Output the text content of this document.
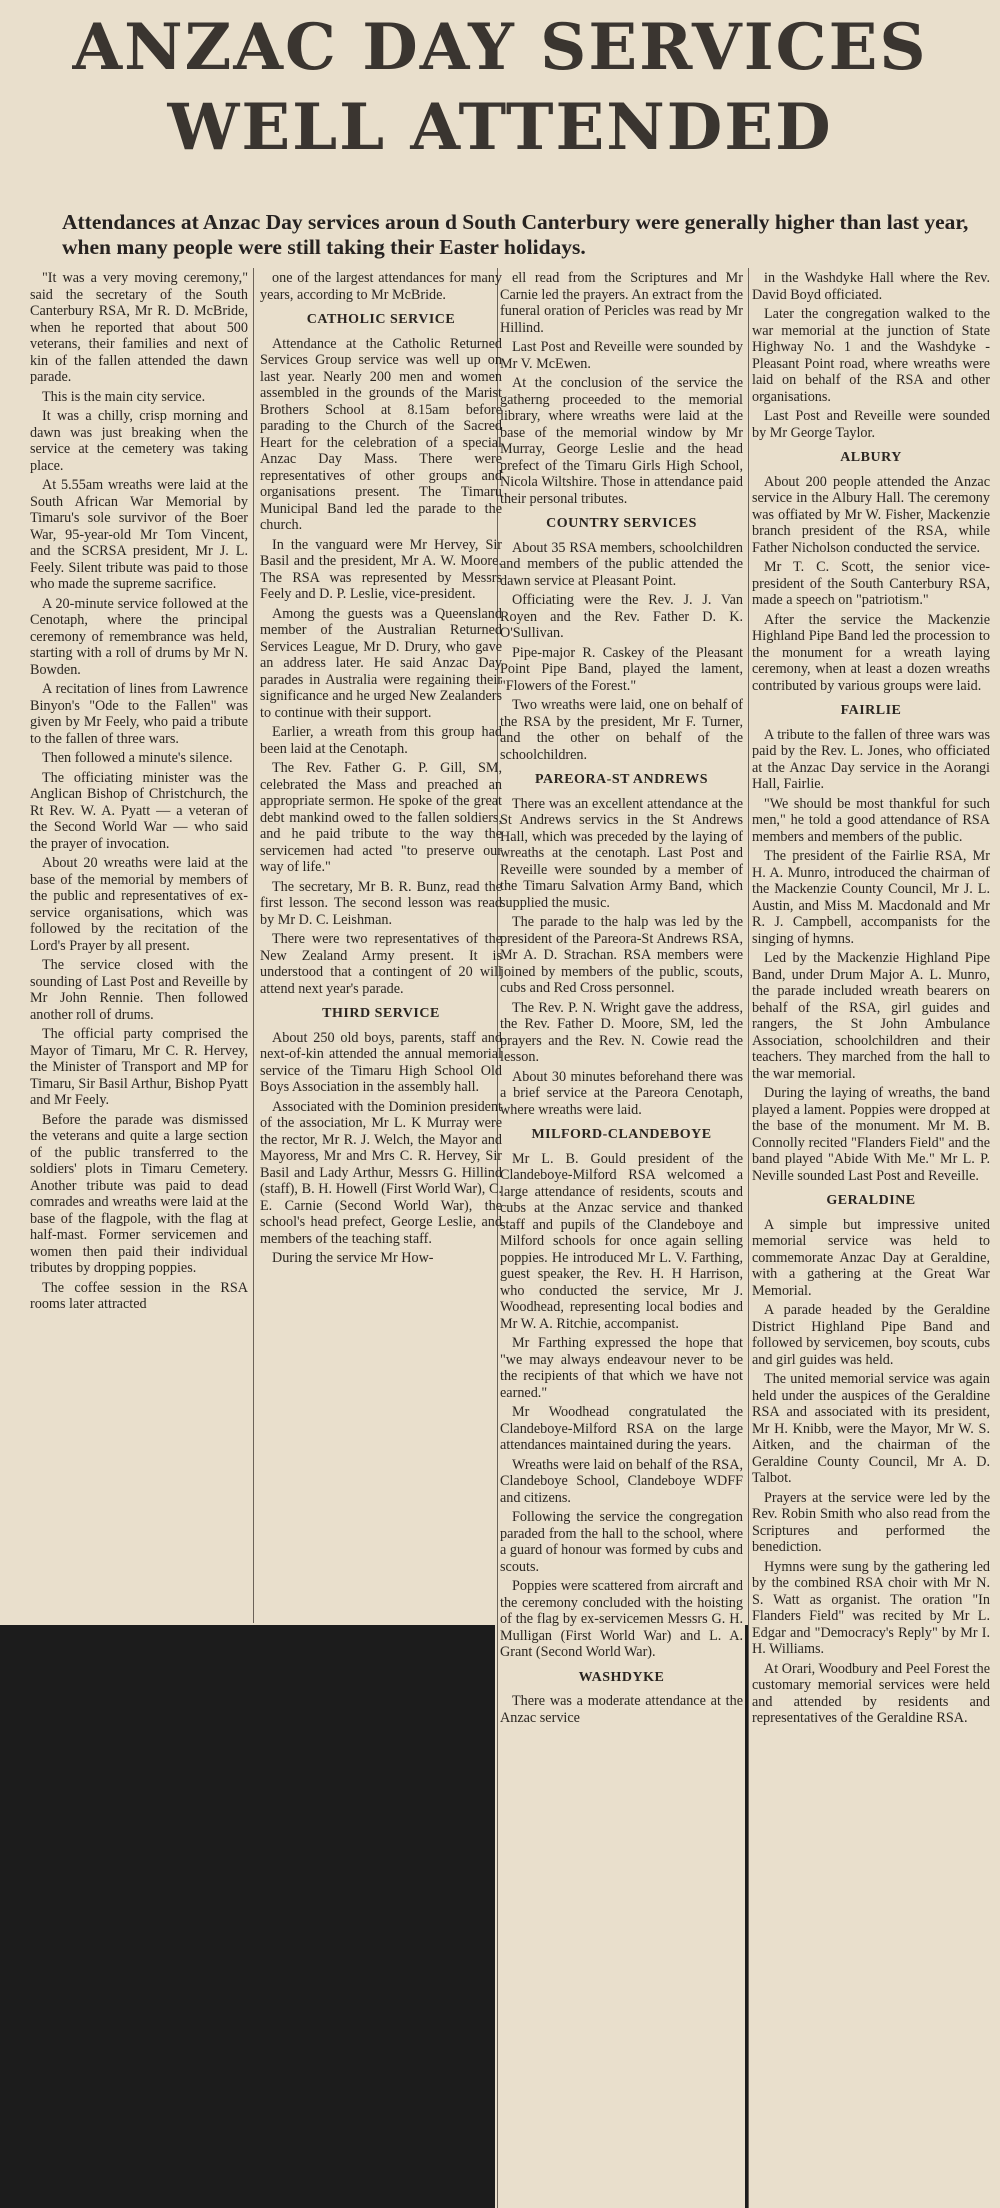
ANZAC DAY SERVICES
WELL ATTENDED

Attendances at Anzac Day services aroun d South Canterbury were generally higher than last year, when many people were still taking their Easter holidays.

"It was a very moving ceremony," said the secretary of the South Canterbury RSA, Mr R. D. McBride, when he reported that about 500 veterans, their families and next of kin of the fallen attended the dawn parade.

This is the main city service.

It was a chilly, crisp morning and dawn was just breaking when the service at the cemetery was taking place.

At 5.55am wreaths were laid at the South African War Memorial by Timaru's sole survivor of the Boer War, 95-year-old Mr Tom Vincent, and the SCRSA president, Mr J. L. Feely. Silent tribute was paid to those who made the supreme sacrifice.

A 20-minute service followed at the Cenotaph, where the principal ceremony of remembrance was held, starting with a roll of drums by Mr N. Bowden.

A recitation of lines from Lawrence Binyon's "Ode to the Fallen" was given by Mr Feely, who paid a tribute to the fallen of three wars.

Then followed a minute's silence.

The officiating minister was the Anglican Bishop of Christchurch, the Rt Rev. W. A. Pyatt — a veteran of the Second World War — who said the prayer of invocation.

About 20 wreaths were laid at the base of the memorial by members of the public and representatives of ex-service organisations, which was followed by the recitation of the Lord's Prayer by all present.

The service closed with the sounding of Last Post and Reveille by Mr John Rennie. Then followed another roll of drums.

The official party comprised the Mayor of Timaru, Mr C. R. Hervey, the Minister of Transport and MP for Timaru, Sir Basil Arthur, Bishop Pyatt and Mr Feely.

Before the parade was dismissed the veterans and quite a large section of the public transferred to the soldiers' plots in Timaru Cemetery. Another tribute was paid to dead comrades and wreaths were laid at the base of the flagpole, with the flag at half-mast. Former servicemen and women then paid their individual tributes by dropping poppies.

The coffee session in the RSA rooms later attracted

one of the largest attendances for many years, according to Mr McBride.

CATHOLIC SERVICE

Attendance at the Catholic Returned Services Group service was well up on last year. Nearly 200 men and women assembled in the grounds of the Marist Brothers School at 8.15am before parading to the Church of the Sacred Heart for the celebration of a special Anzac Day Mass. There were representatives of other groups and organisations present. The Timaru Municipal Band led the parade to the church.

In the vanguard were Mr Hervey, Sir Basil and the president, Mr A. W. Moore. The RSA was represented by Messrs Feely and D. P. Leslie, vice-president.

Among the guests was a Queensland member of the Australian Returned Services League, Mr D. Drury, who gave an address later. He said Anzac Day parades in Australia were regaining their significance and he urged New Zealanders to continue with their support.

Earlier, a wreath from this group had been laid at the Cenotaph.

The Rev. Father G. P. Gill, SM, celebrated the Mass and preached an appropriate sermon. He spoke of the great debt mankind owed to the fallen soldiers, and he paid tribute to the way the servicemen had acted "to preserve our way of life."

The secretary, Mr B. R. Bunz, read the first lesson. The second lesson was read by Mr D. C. Leishman.

There were two representatives of the New Zealand Army present. It is understood that a contingent of 20 will attend next year's parade.

THIRD SERVICE

About 250 old boys, parents, staff and next-of-kin attended the annual memorial service of the Timaru High School Old Boys Association in the assembly hall.

Associated with the Dominion president of the association, Mr L. K Murray were the rector, Mr R. J. Welch, the Mayor and Mayoress, Mr and Mrs C. R. Hervey, Sir Basil and Lady Arthur, Messrs G. Hillind (staff), B. H. Howell (First World War), C. E. Carnie (Second World War), the school's head prefect, George Leslie, and members of the teaching staff.

During the service Mr How-

ell read from the Scriptures and Mr Carnie led the prayers. An extract from the funeral oration of Pericles was read by Mr Hillind.

Last Post and Reveille were sounded by Mr V. McEwen.

At the conclusion of the service the gatherng proceeded to the memorial library, where wreaths were laid at the base of the memorial window by Mr Murray, George Leslie and the head prefect of the Timaru Girls High School, Nicola Wiltshire. Those in attendance paid their personal tributes.

COUNTRY SERVICES

About 35 RSA members, schoolchildren and members of the public attended the dawn service at Pleasant Point.

Officiating were the Rev. J. J. Van Royen and the Rev. Father D. K. O'Sullivan.

Pipe-major R. Caskey of the Pleasant Point Pipe Band, played the lament, "Flowers of the Forest."

Two wreaths were laid, one on behalf of the RSA by the president, Mr F. Turner, and the other on behalf of the schoolchildren.

PAREORA-ST ANDREWS

There was an excellent attendance at the St Andrews servics in the St Andrews Hall, which was preceded by the laying of wreaths at the cenotaph. Last Post and Reveille were sounded by a member of the Timaru Salvation Army Band, which supplied the music.

The parade to the halp was led by the president of the Pareora-St Andrews RSA, Mr A. D. Strachan. RSA members were joined by members of the public, scouts, cubs and Red Cross personnel.

The Rev. P. N. Wright gave the address, the Rev. Father D. Moore, SM, led the prayers and the Rev. N. Cowie read the lesson.

About 30 minutes beforehand there was a brief service at the Pareora Cenotaph, where wreaths were laid.

MILFORD-CLANDEBOYE

Mr L. B. Gould president of the Clandeboye-Milford RSA welcomed a large attendance of residents, scouts and cubs at the Anzac service and thanked staff and pupils of the Clandeboye and Milford schools for once again selling poppies. He introduced Mr L. V. Farthing, guest speaker, the Rev. H. H Harrison, who conducted the service, Mr J. Woodhead, representing local bodies and Mr W. A. Ritchie, accompanist.

Mr Farthing expressed the hope that "we may always endeavour never to be the recipients of that which we have not earned."

Mr Woodhead congratulated the Clandeboye-Milford RSA on the large attendances maintained during the years.

Wreaths were laid on behalf of the RSA, Clandeboye School, Clandeboye WDFF and citizens.

Following the service the congregation paraded from the hall to the school, where a guard of honour was formed by cubs and scouts.

Poppies were scattered from aircraft and the ceremony concluded with the hoisting of the flag by ex-servicemen Messrs G. H. Mulligan (First World War) and L. A. Grant (Second World War).

WASHDYKE

There was a moderate attendance at the Anzac service

in the Washdyke Hall where the Rev. David Boyd officiated.

Later the congregation walked to the war memorial at the junction of State Highway No. 1 and the Washdyke - Pleasant Point road, where wreaths were laid on behalf of the RSA and other organisations.

Last Post and Reveille were sounded by Mr George Taylor.

ALBURY

About 200 people attended the Anzac service in the Albury Hall. The ceremony was offiated by Mr W. Fisher, Mackenzie branch president of the RSA, while Father Nicholson conducted the service.

Mr T. C. Scott, the senior vice-president of the South Canterbury RSA, made a speech on "patriotism."

After the service the Mackenzie Highland Pipe Band led the procession to the monument for a wreath laying ceremony, when at least a dozen wreaths contributed by various groups were laid.

FAIRLIE

A tribute to the fallen of three wars was paid by the Rev. L. Jones, who officiated at the Anzac Day service in the Aorangi Hall, Fairlie.

"We should be most thankful for such men," he told a good attendance of RSA members and members of the public.

The president of the Fairlie RSA, Mr H. A. Munro, introduced the chairman of the Mackenzie County Council, Mr J. L. Austin, and Miss M. Macdonald and Mr R. J. Campbell, accompanists for the singing of hymns.

Led by the Mackenzie Highland Pipe Band, under Drum Major A. L. Munro, the parade included wreath bearers on behalf of the RSA, girl guides and rangers, the St John Ambulance Association, schoolchildren and their teachers. They marched from the hall to the war memorial.

During the laying of wreaths, the band played a lament. Poppies were dropped at the base of the monument. Mr M. B. Connolly recited "Flanders Field" and the band played "Abide With Me." Mr L. P. Neville sounded Last Post and Reveille.

GERALDINE

A simple but impressive united memorial service was held to commemorate Anzac Day at Geraldine, with a gathering at the Great War Memorial.

A parade headed by the Geraldine District Highland Pipe Band and followed by servicemen, boy scouts, cubs and girl guides was held.

The united memorial service was again held under the auspices of the Geraldine RSA and associated with its president, Mr H. Knibb, were the Mayor, Mr W. S. Aitken, and the chairman of the Geraldine County Council, Mr A. D. Talbot.

Prayers at the service were led by the Rev. Robin Smith who also read from the Scriptures and performed the benediction.

Hymns were sung by the gathering led by the combined RSA choir with Mr N. S. Watt as organist. The oration "In Flanders Field" was recited by Mr L. Edgar and "Democracy's Reply" by Mr I. H. Williams.

At Orari, Woodbury and Peel Forest the customary memorial services were held and attended by residents and representatives of the Geraldine RSA.
